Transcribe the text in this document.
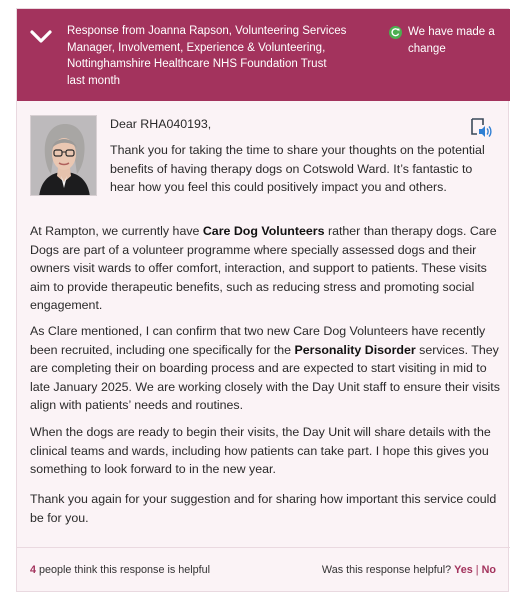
Response from Joanna Rapson, Volunteering Services Manager, Involvement, Experience & Volunteering, Nottinghamshire Healthcare NHS Foundation Trust last month
We have made a change
Dear RHA040193,
Thank you for taking the time to share your thoughts on the potential benefits of having therapy dogs on Cotswold Ward. It’s fantastic to hear how you feel this could positively impact you and others.
At Rampton, we currently have Care Dog Volunteers rather than therapy dogs. Care Dogs are part of a volunteer programme where specially assessed dogs and their owners visit wards to offer comfort, interaction, and support to patients. These visits aim to provide therapeutic benefits, such as reducing stress and promoting social engagement.
As Clare mentioned, I can confirm that two new Care Dog Volunteers have recently been recruited, including one specifically for the Personality Disorder services. They are completing their on boarding process and are expected to start visiting in mid to late January 2025. We are working closely with the Day Unit staff to ensure their visits align with patients’ needs and routines.
When the dogs are ready to begin their visits, the Day Unit will share details with the clinical teams and wards, including how patients can take part. I hope this gives you something to look forward to in the new year.
Thank you again for your suggestion and for sharing how important this service could be for you.
4 people think this response is helpful	Was this response helpful? Yes | No
